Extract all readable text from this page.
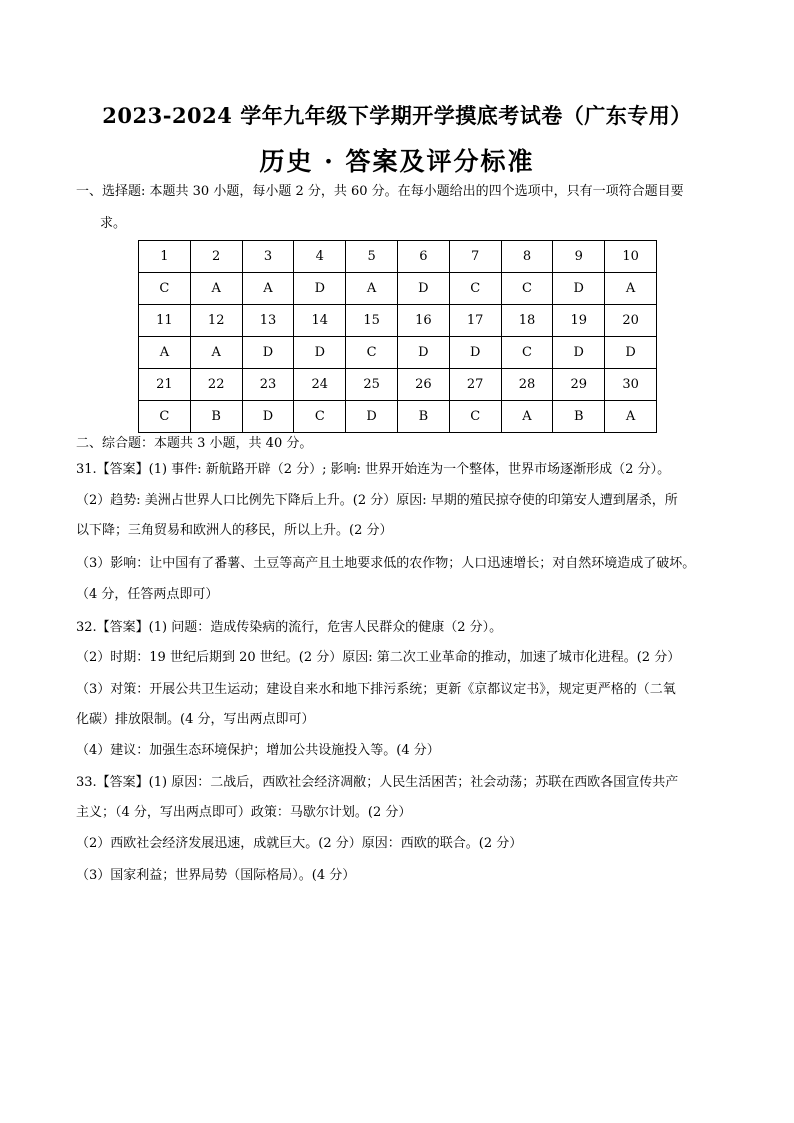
2023-2024 学年九年级下学期开学摸底考试卷（广东专用）
历史 · 答案及评分标准
一、选择题: 本题共 30 小题，每小题 2 分，共 60 分。在每小题给出的四个选项中，只有一项符合题目要
求。
1	2	3	4	5	6	7	8	9	10
C	A	A	D	A	D	C	C	D	A
11	12	13	14	15	16	17	18	19	20
A	A	D	D	C	D	D	C	D	D
21	22	23	24	25	26	27	28	29	30
C	B	D	C	D	B	C	A	B	A
二、综合题：本题共 3 小题，共 40 分。
31.【答案】(1) 事件: 新航路开辟（2 分）; 影响: 世界开始连为一个整体，世界市场逐渐形成（2 分）。
（2）趋势: 美洲占世界人口比例先下降后上升。(2 分）原因: 早期的殖民掠夺使的印第安人遭到屠杀，所
以下降；三角贸易和欧洲人的移民，所以上升。(2 分）
（3）影响：让中国有了番薯、土豆等高产且土地要求低的农作物；人口迅速增长；对自然环境造成了破坏。
（4 分，任答两点即可）
32.【答案】(1) 问题：造成传染病的流行，危害人民群众的健康（2 分）。
（2）时期：19 世纪后期到 20 世纪。(2 分）原因: 第二次工业革命的推动，加速了城市化进程。(2 分）
（3）对策：开展公共卫生运动；建设自来水和地下排污系统；更新《京都议定书》，规定更严格的（二氧
化碳）排放限制。(4 分，写出两点即可）
（4）建议：加强生态环境保护；增加公共设施投入等。(4 分）
33.【答案】(1) 原因：二战后，西欧社会经济凋敝；人民生活困苦；社会动荡；苏联在西欧各国宣传共产
主义；（4 分，写出两点即可）政策：马歇尔计划。(2 分）
（2）西欧社会经济发展迅速，成就巨大。(2 分）原因：西欧的联合。(2 分）
（3）国家利益；世界局势（国际格局）。(4 分）
